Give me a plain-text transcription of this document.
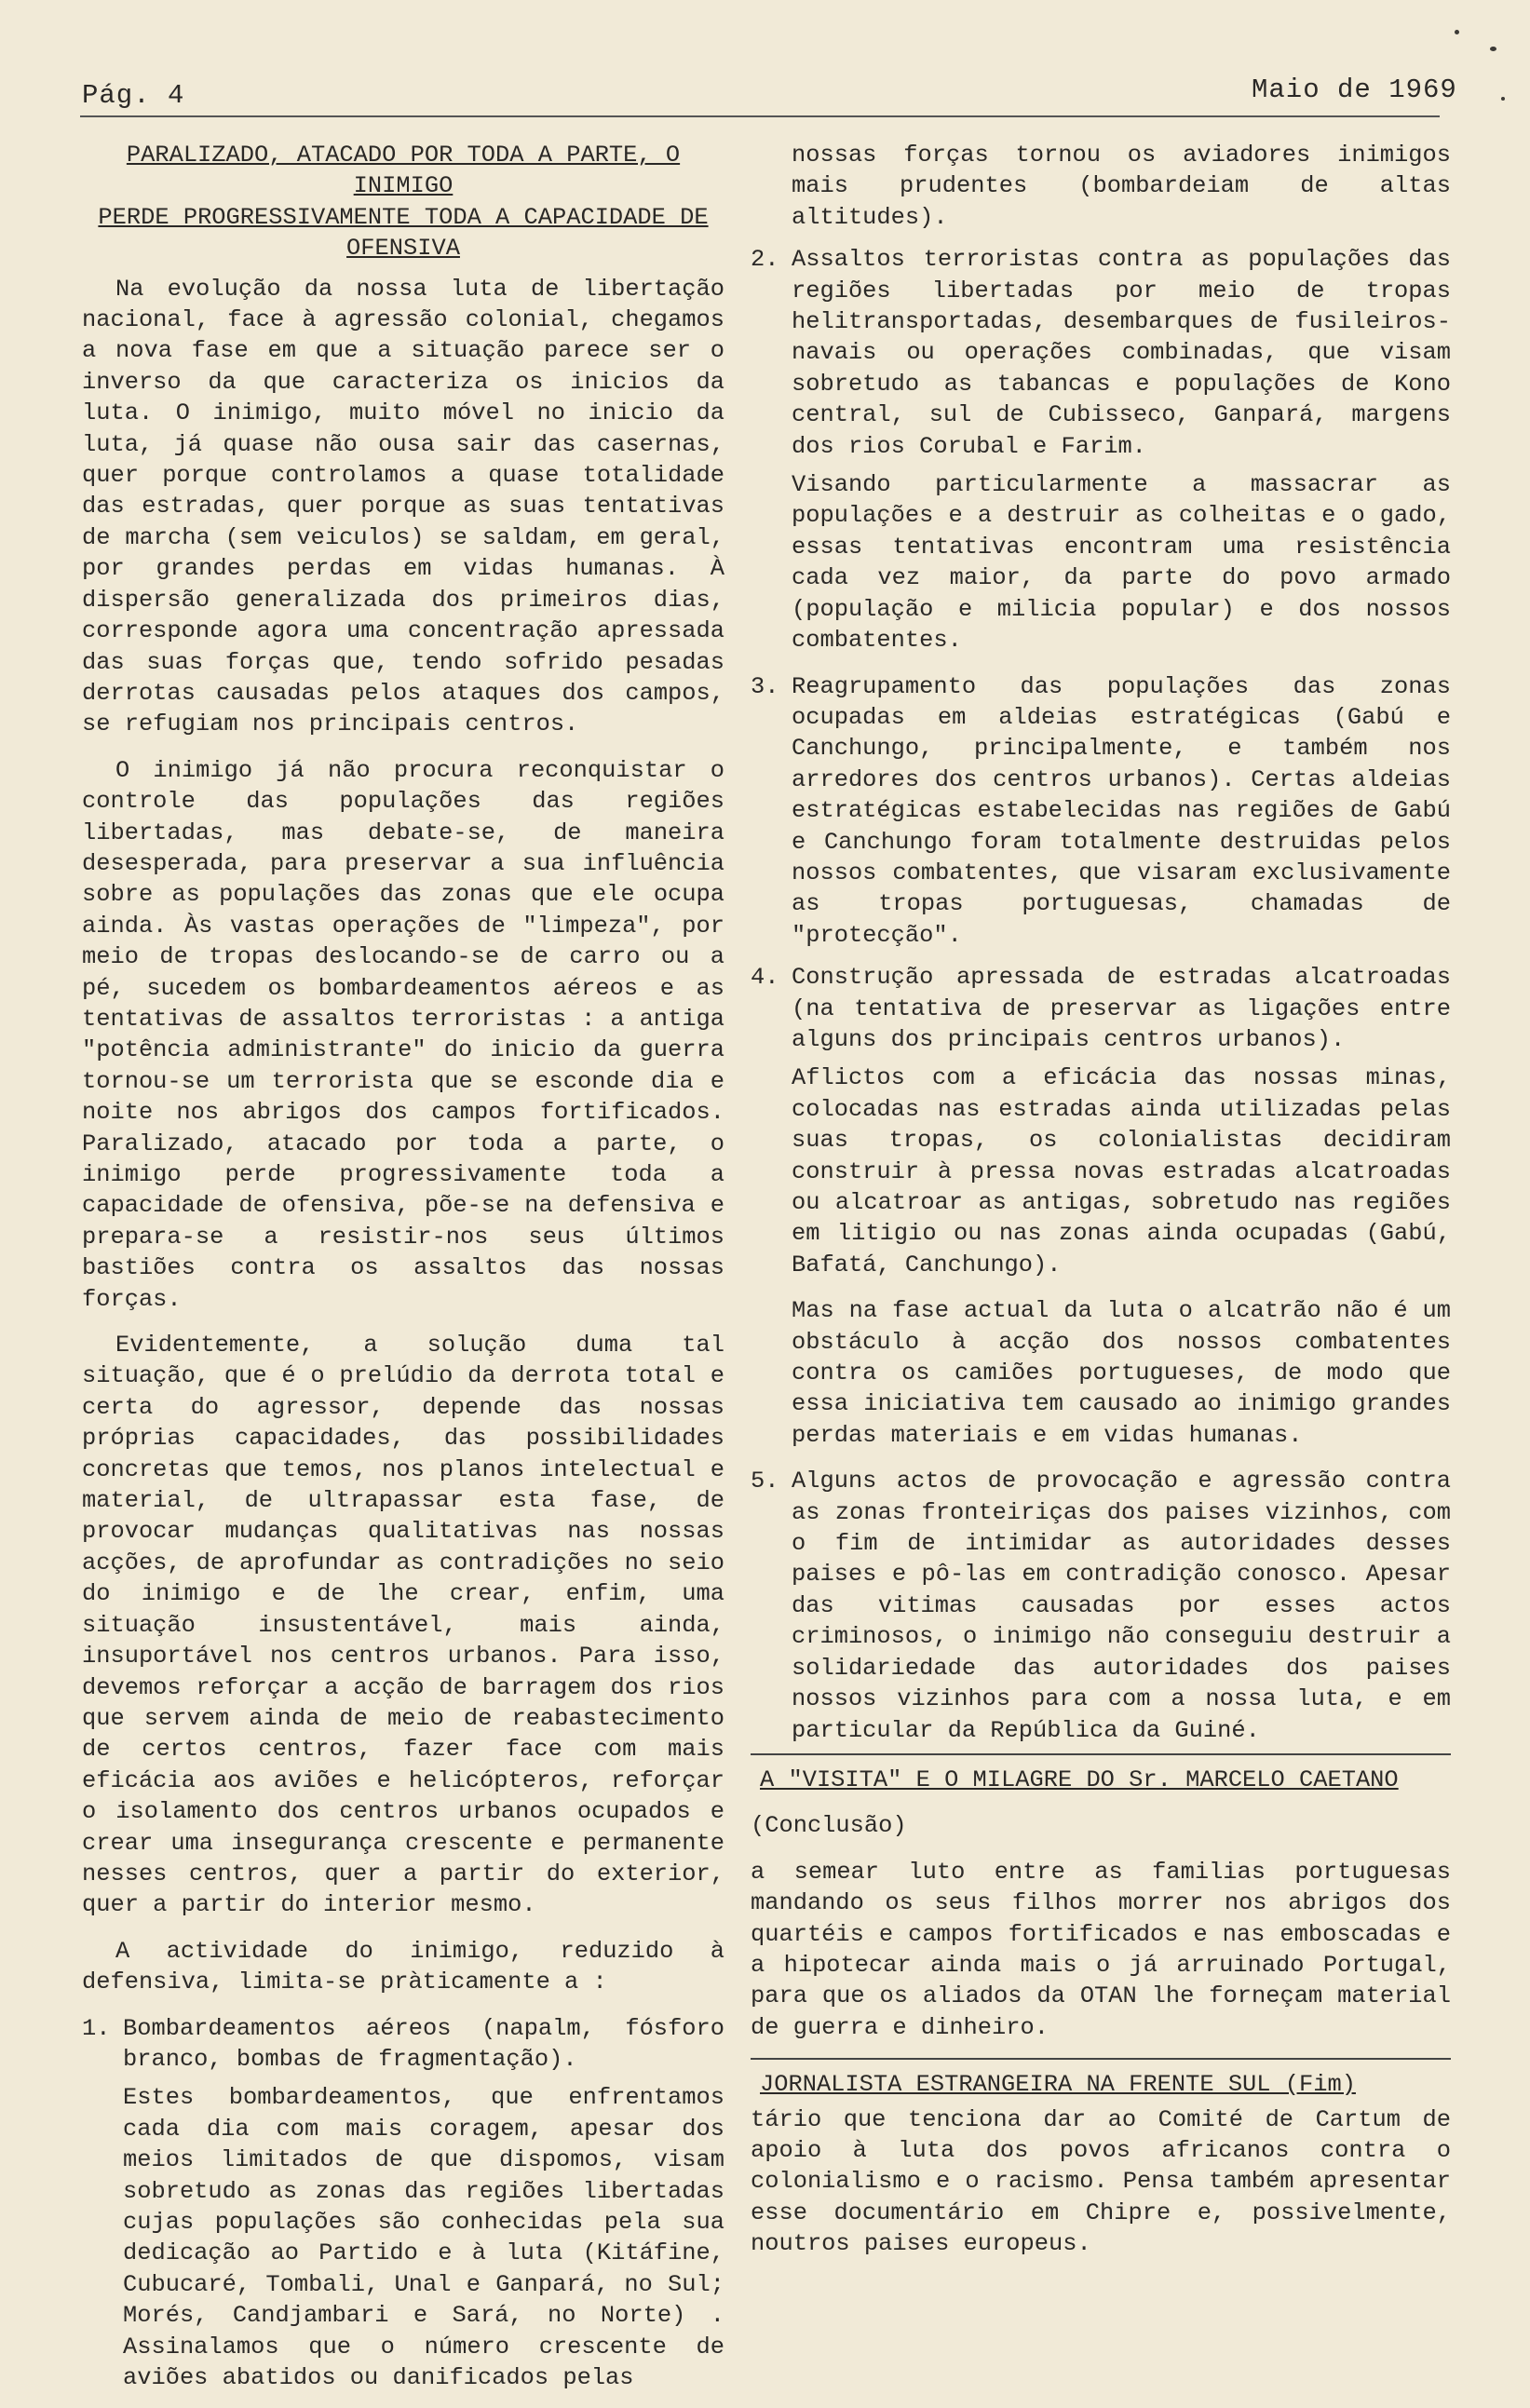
Pág. 4	Maio de 1969
PARALIZADO, ATACADO POR TODA A PARTE, O INIMIGO
PERDE PROGRESSIVAMENTE TODA A CAPACIDADE DE
OFENSIVA

Na evolução da nossa luta de libertação nacional, face à agressão colonial, chegamos a nova fase em que a situação parece ser o inverso da que caracteriza os inicios da luta. O inimigo, muito móvel no inicio da luta, já quase não ousa sair das casernas, quer porque controlamos a quase totalidade das estradas, quer porque as suas tentativas de marcha (sem veiculos) se saldam, em geral, por grandes perdas em vidas humanas. À dispersão generalizada dos primeiros dias, corresponde agora uma concentração apressada das suas forças que, tendo sofrido pesadas derrotas causadas pelos ataques dos campos, se refugiam nos principais centros.

O inimigo já não procura reconquistar o controle das populações das regiões libertadas, mas debate-se, de maneira desesperada, para preservar a sua influência sobre as populações das zonas que ele ocupa ainda. Às vastas operações de "limpeza", por meio de tropas deslocando-se de carro ou a pé, sucedem os bombardeamentos aéreos e as tentativas de assaltos terroristas : a antiga "potência administrante" do inicio da guerra tornou-se um terrorista que se esconde dia e noite nos abrigos dos campos fortificados. Paralizado, atacado por toda a parte, o inimigo perde progressivamente toda a capacidade de ofensiva, põe-se na defensiva e prepara-se a resistir-nos seus últimos bastiões contra os assaltos das nossas forças.

Evidentemente, a solução duma tal situação, que é o prelúdio da derrota total e certa do agressor, depende das nossas próprias capacidades, das possibilidades concretas que temos, nos planos intelectual e material, de ultrapassar esta fase, de provocar mudanças qualitativas nas nossas acções, de aprofundar as contradições no seio do inimigo e de lhe crear, enfim, uma situação insustentável, mais ainda, insuportável nos centros urbanos. Para isso, devemos reforçar a acção de barragem dos rios que servem ainda de meio de reabastecimento de certos centros, fazer face com mais eficácia aos aviões e helicópteros, reforçar o isolamento dos centros urbanos ocupados e crear uma insegurança crescente e permanente nesses centros, quer a partir do exterior, quer a partir do interior mesmo.

A actividade do inimigo, reduzido à defensiva, limita-se pràticamente a :

1. Bombardeamentos aéreos (napalm, fósforo branco, bombas de fragmentação).
Estes bombardeamentos, que enfrentamos cada dia com mais coragem, apesar dos meios limitados de que dispomos, visam sobretudo as zonas das regiões libertadas cujas populações são conhecidas pela sua dedicação ao Partido e à luta (Kitáfine, Cubucaré, Tombali, Unal e Ganpará, no Sul; Morés, Candjambari e Sará, no Norte) . Assinalamos que o número crescente de aviões abatidos ou danificados pelas
nossas forças tornou os aviadores inimigos mais prudentes (bombardeiam de altas altitudes).
2. Assaltos terroristas contra as populações das regiões libertadas por meio de tropas helitransportadas, desembarques de fusileiros-navais ou operações combinadas, que visam sobretudo as tabancas e populações de Kono central, sul de Cubisseco, Ganpará, margens dos rios Corubal e Farim.
Visando particularmente a massacrar as populações e a destruir as colheitas e o gado, essas tentativas encontram uma resistência cada vez maior, da parte do povo armado (população e milicia popular) e dos nossos combatentes.
3. Reagrupamento das populações das zonas ocupadas em aldeias estratégicas (Gabú e Canchungo, principalmente, e também nos arredores dos centros urbanos). Certas aldeias estratégicas estabelecidas nas regiões de Gabú e Canchungo foram totalmente destruidas pelos nossos combatentes, que visaram exclusivamente as tropas portuguesas, chamadas de "protecção".
4. Construção apressada de estradas alcatroadas (na tentativa de preservar as ligações entre alguns dos principais centros urbanos).
Aflictos com a eficácia das nossas minas, colocadas nas estradas ainda utilizadas pelas suas tropas, os colonialistas decidiram construir à pressa novas estradas alcatroadas ou alcatroar as antigas, sobretudo nas regiões em litigio ou nas zonas ainda ocupadas (Gabú, Bafatá, Canchungo).
Mas na fase actual da luta o alcatrão não é um obstáculo à acção dos nossos combatentes contra os camiões portugueses, de modo que essa iniciativa tem causado ao inimigo grandes perdas materiais e em vidas humanas.
5. Alguns actos de provocação e agressão contra as zonas fronteiriças dos paises vizinhos, com o fim de intimidar as autoridades desses paises e pô-las em contradição conosco. Apesar das vitimas causadas por esses actos criminosos, o inimigo não conseguiu destruir a solidariedade das autoridades dos paises nossos vizinhos para com a nossa luta, e em particular da República da Guiné.

A "VISITA" E O MILAGRE DO Sr. MARCELO CAETANO

(Conclusão)

a semear luto entre as familias portuguesas mandando os seus filhos morrer nos abrigos dos quartéis e campos fortificados e nas emboscadas e a hipotecar ainda mais o já arruinado Portugal, para que os aliados da OTAN lhe forneçam material de guerra e dinheiro.

JORNALISTA ESTRANGEIRA NA FRENTE SUL (Fim)

tário que tenciona dar ao Comité de Cartum de apoio à luta dos povos africanos contra o colonialismo e o racismo. Pensa também apresentar esse documentário em Chipre e, possivelmente, noutros paises europeus.
